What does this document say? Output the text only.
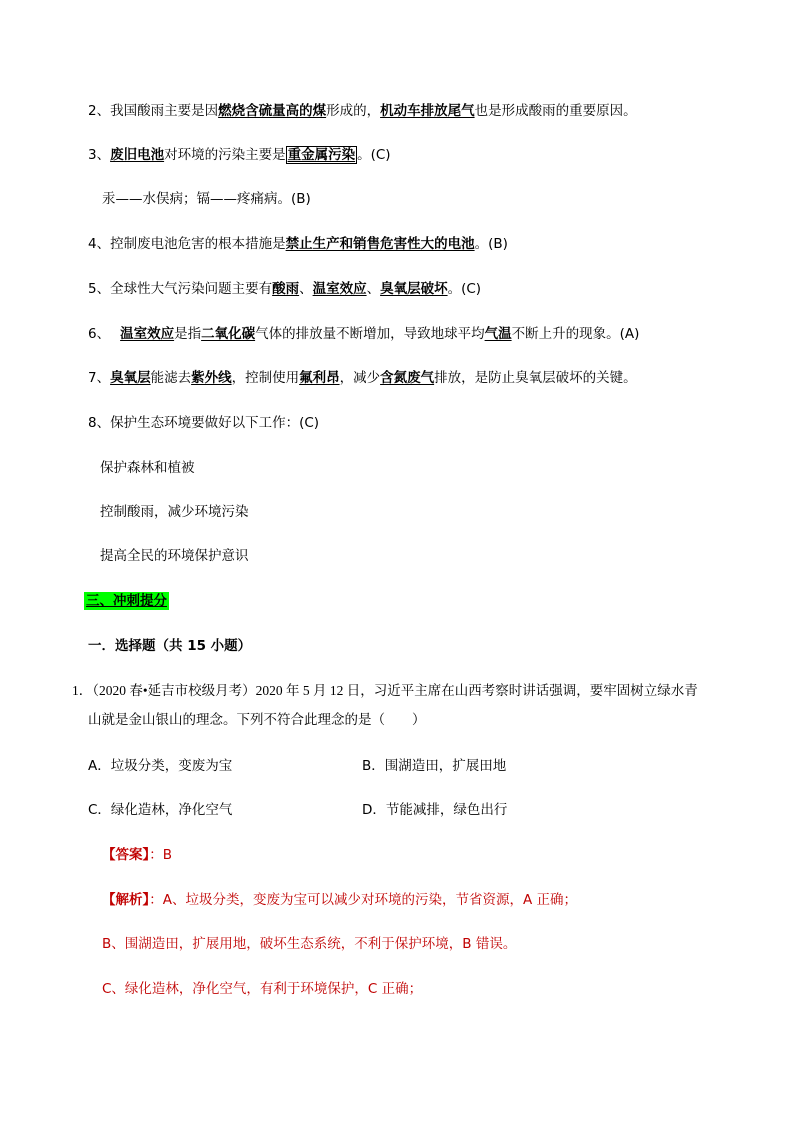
2、我国酸雨主要是因燃烧含硫量高的煤形成的，机动车排放尾气也是形成酸雨的重要原因。
3、废旧电池对环境的污染主要是 重金属污染 。(C)
汞——水俣病；镉——疼痛病。(B)
4、控制废电池危害的根本措施是禁止生产和销售危害性大的电池。(B)
5、全球性大气污染问题主要有酸雨、温室效应、臭氧层破坏。(C)
6、 温室效应是指二氧化碳气体的排放量不断增加，导致地球平均气温不断上升的现象。(A)
7、臭氧层能滤去紫外线，控制使用氟利昂，减少含氮废气排放，是防止臭氧层破坏的关键。
8、保护生态环境要做好以下工作：(C)
保护森林和植被
控制酸雨，减少环境污染
提高全民的环境保护意识
三、冲刺提分
一．选择题（共 15 小题）
1．（2020 春•延吉市校级月考）2020 年 5 月 12 日，习近平主席在山西考察时讲话强调，要牢固树立绿水青
山就是金山银山的理念。下列不符合此理念的是（　　）
A．垃圾分类，变废为宝	B．围湖造田，扩展田地
C．绿化造林，净化空气	D．节能减排，绿色出行
【答案】：B
【解析】：A、垃圾分类，变废为宝可以减少对环境的污染，节省资源，A 正确；
B、围湖造田，扩展用地，破坏生态系统，不利于保护环境，B 错误。
C、绿化造林，净化空气，有利于环境保护，C 正确；
